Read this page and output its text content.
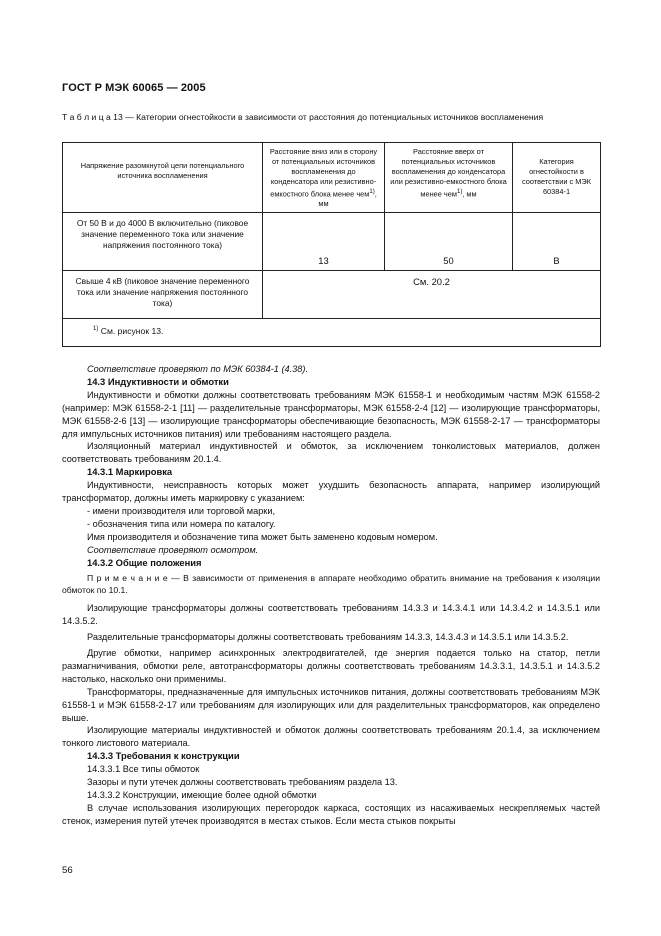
ГОСТ Р МЭК 60065 — 2005
Т а б л и ц а 13 — Категории огнестойкости в зависимости от расстояния до потенциальных источников воспламенения
Напряжение разомкнутой цепи потенциального источника воспламенения	Расстояние вниз или в сторону от потенциальных источников воспламенения до конденсатора или резистивно-емкостного блока менее чем$^{1)}$, мм	Расстояние вверх от потенциальных источников воспламенения до конденсатора или резистивно-емкостного блока менее чем$^{1)}$, мм	Категория огнестойкости в соответствии с МЭК 60384-1
От 50 В и до 4000 В включительно (пиковое значение переменного тока или значение напряжения постоянного тока)	13	50	B
Свыше 4 кВ (пиковое значение переменного тока или значение напряжения постоянного тока)	См. 20.2		
$^{1)}$ См. рисунок 13.			

Соответствие проверяют по МЭК 60384-1 (4.38).

14.3 Индуктивности и обмотки

Индуктивности и обмотки должны соответствовать требованиям МЭК 61558-1 и необходимым частям МЭК 61558-2 (например: МЭК 61558-2-1 [11] — разделительные трансформаторы, МЭК 61558-2-4 [12] — изолирующие трансформаторы, МЭК 61558-2-6 [13] — изолирующие трансформаторы обеспечивающие безопасность, МЭК 61558-2-17 — трансформаторы для импульсных источников питания) или требованиям настоящего раздела.

Изоляционный материал индуктивностей и обмоток, за исключением тонколистовых материалов, должен соответствовать требованиям 20.1.4.

14.3.1 Маркировка

Индуктивности, неисправность которых может ухудшить безопасность аппарата, например изолирующий трансформатор, должны иметь маркировку с указанием:

- имени производителя или торговой марки,

- обозначения типа или номера по каталогу.

Имя производителя и обозначение типа может быть заменено кодовым номером.

Соответствие проверяют осмотром.

14.3.2 Общие положения

П р и м е ч а н и е — В зависимости от применения в аппарате необходимо обратить внимание на требования к изоляции обмоток по 10.1.

Изолирующие трансформаторы должны соответствовать требованиям 14.3.3 и 14.3.4.1 или 14.3.4.2 и 14.3.5.1 или 14.3.5.2.

Разделительные трансформаторы должны соответствовать требованиям 14.3.3, 14.3.4.3 и 14.3.5.1 или 14.3.5.2.

Другие обмотки, например асинхронных электродвигателей, где энергия подается только на статор, петли размагничивания, обмотки реле, автотрансформаторы должны соответствовать требованиям 14.3.3.1, 14.3.5.1 и 14.3.5.2 настолько, насколько они применимы.

Трансформаторы, предназначенные для импульсных источников питания, должны соответствовать требованиям МЭК 61558-1 и МЭК 61558-2-17 или требованиям для изолирующих или для разделительных трансформаторов, как определено выше.

Изолирующие материалы индуктивностей и обмоток должны соответствовать требованиям 20.1.4, за исключением тонкого листового материала.

14.3.3 Требования к конструкции

14.3.3.1 Все типы обмоток

Зазоры и пути утечек должны соответствовать требованиям раздела 13.

14.3.3.2 Конструкции, имеющие более одной обмотки

В случае использования изолирующих перегородок каркаса, состоящих из насаживаемых нескрепляемых частей стенок, измерения путей утечек производятся в местах стыков. Если места стыков покрыты

56
